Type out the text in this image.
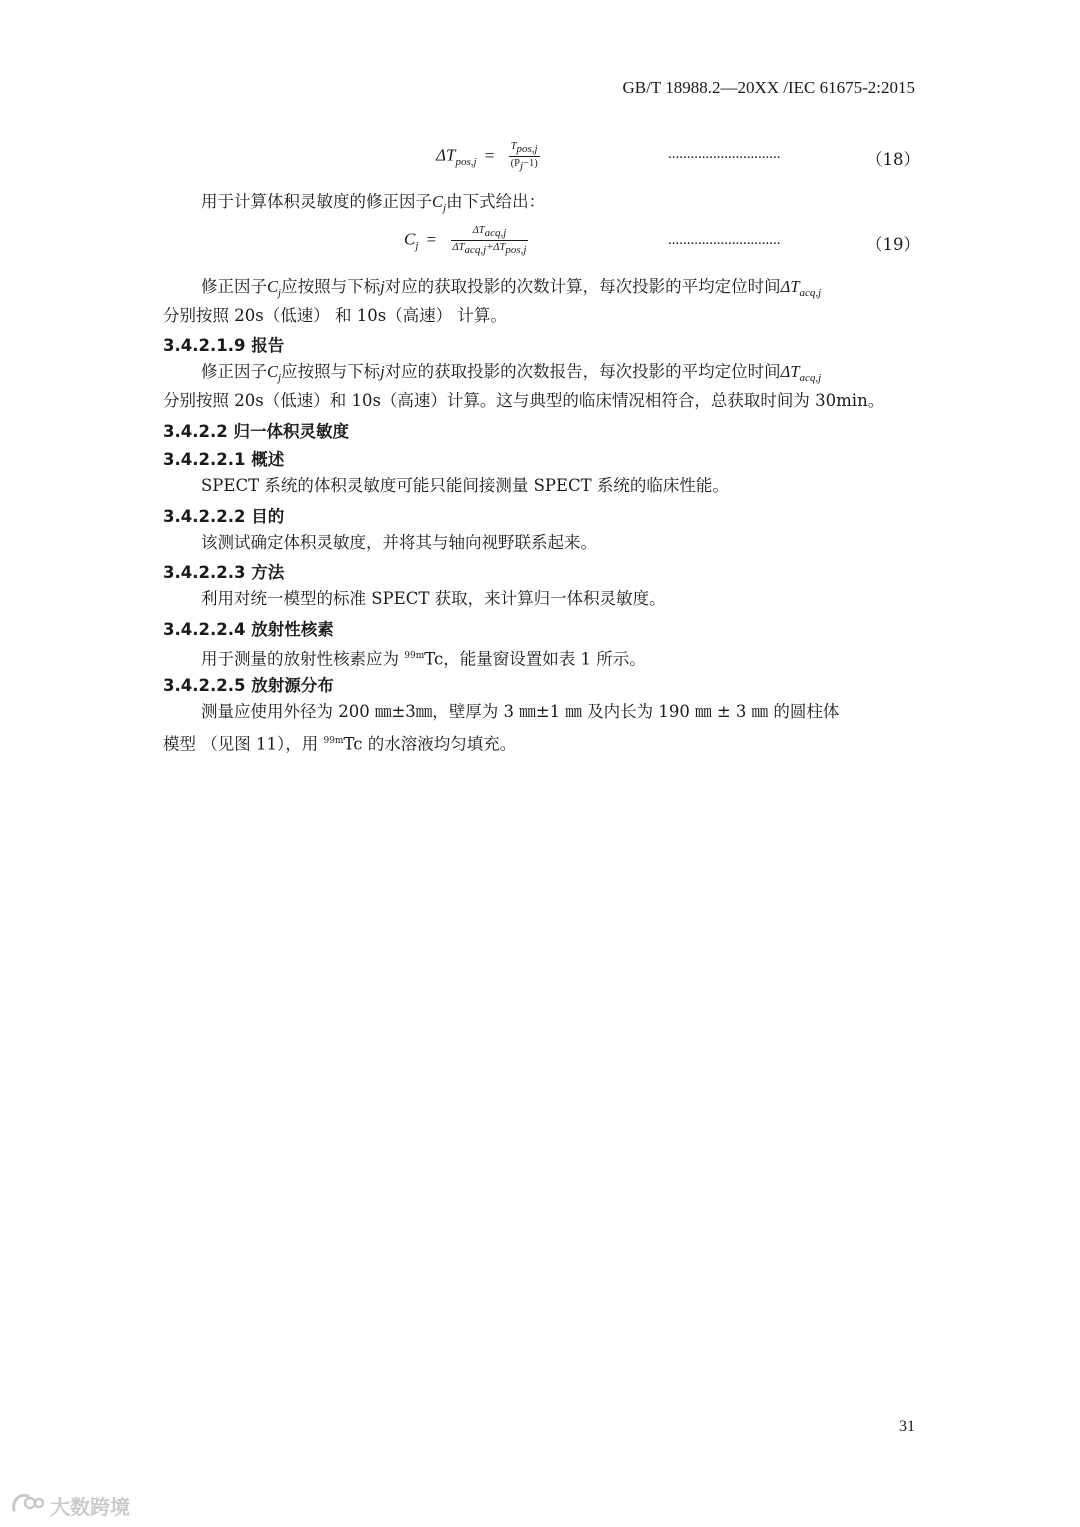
GB/T 18988.2—20XX /IEC 61675-2:2015
$\Delta T_{pos,j} = \frac{T_{pos,j}}{(P_j-1)}$	..............................	（18）
用于计算体积灵敏度的修正因子$C_j$由下式给出：
$C_j = \frac{\Delta T_{acq,j}}{\Delta T_{acq,j}+\Delta T_{pos,j}}$	..............................	（19）
修正因子$C_j$应按照与下标j对应的获取投影的次数计算，每次投影的平均定位时间$\Delta T_{acq,j}$
分别按照 20s（低速） 和 10s（高速） 计算。
3.4.2.1.9 报告
修正因子$C_j$应按照与下标j对应的获取投影的次数报告，每次投影的平均定位时间$\Delta T_{acq,j}$
分别按照 20s（低速）和 10s（高速）计算。这与典型的临床情况相符合，总获取时间为 30min。
3.4.2.2 归一体积灵敏度
3.4.2.2.1 概述
SPECT 系统的体积灵敏度可能只能间接测量 SPECT 系统的临床性能。
3.4.2.2.2 目的
该测试确定体积灵敏度，并将其与轴向视野联系起来。
3.4.2.2.3 方法
利用对统一模型的标准 SPECT 获取，来计算归一体积灵敏度。
3.4.2.2.4 放射性核素
用于测量的放射性核素应为 $^{99m}$Tc，能量窗设置如表 1 所示。
3.4.2.2.5 放射源分布
测量应使用外径为 200 ㎜±3㎜，壁厚为 3 ㎜±1 ㎜ 及内长为 190 ㎜ ± 3 ㎜ 的圆柱体
模型 （见图 11），用 $^{99m}$Tc 的水溶液均匀填充。
31
大数跨境
